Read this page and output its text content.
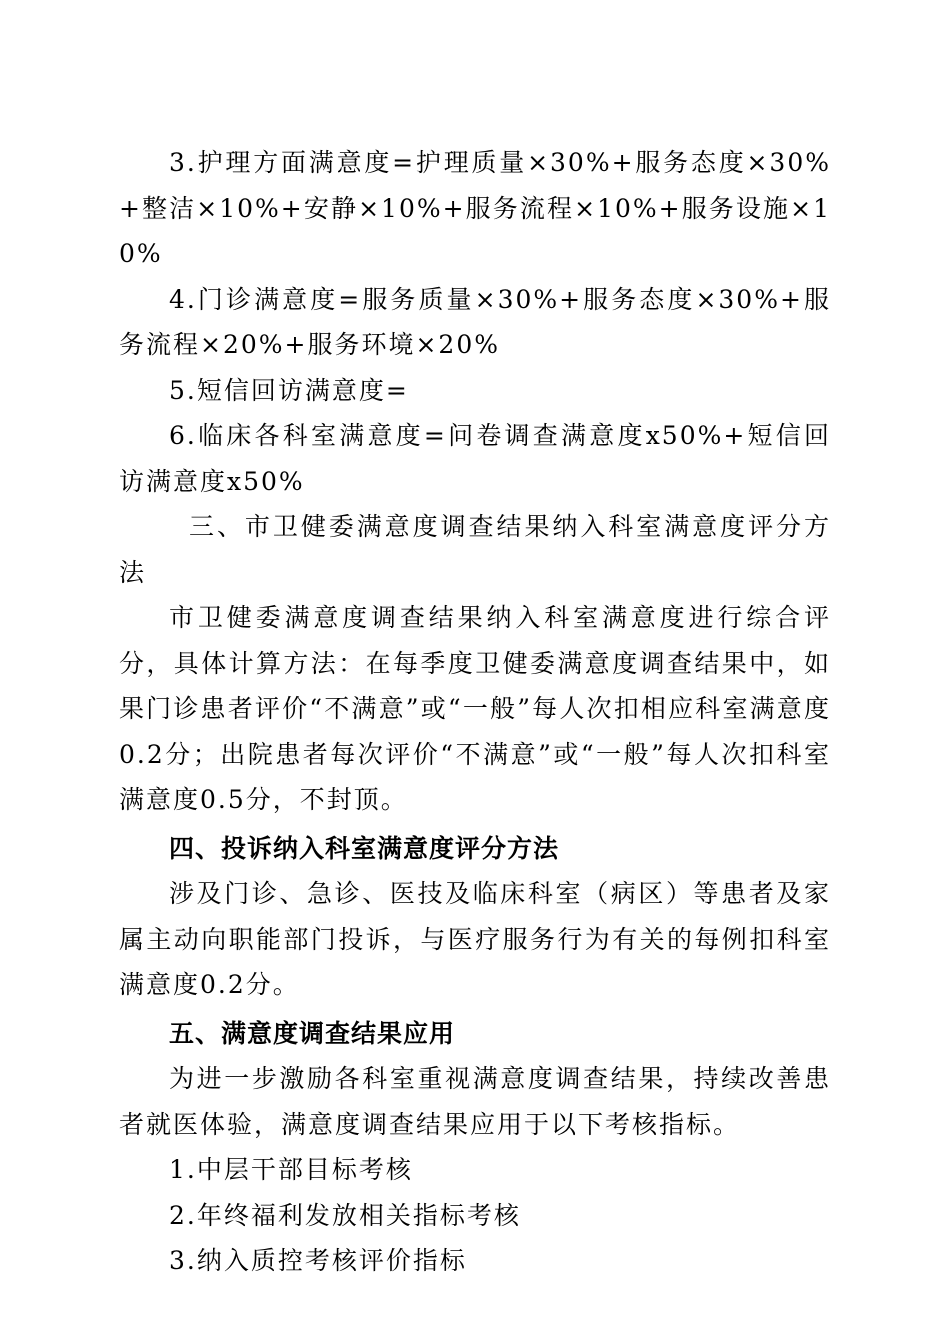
3.护理方面满意度=护理质量×30%+服务态度×30%+整洁×10%+安静×10%+服务流程×10%+服务设施×10%

4.门诊满意度=服务质量×30%+服务态度×30%+服务流程×20%+服务环境×20%

5.短信回访满意度=

6.临床各科室满意度=问卷调查满意度x50%+短信回访满意度x50%

三、市卫健委满意度调查结果纳入科室满意度评分方法

市卫健委满意度调查结果纳入科室满意度进行综合评分，具体计算方法：在每季度卫健委满意度调查结果中，如果门诊患者评价“不满意”或“一般”每人次扣相应科室满意度0.2分；出院患者每次评价“不满意”或“一般”每人次扣科室满意度0.5分，不封顶。

四、投诉纳入科室满意度评分方法

涉及门诊、急诊、医技及临床科室（病区）等患者及家属主动向职能部门投诉，与医疗服务行为有关的每例扣科室满意度0.2分。

五、满意度调查结果应用

为进一步激励各科室重视满意度调查结果，持续改善患者就医体验，满意度调查结果应用于以下考核指标。

1.中层干部目标考核

2.年终福利发放相关指标考核

3.纳入质控考核评价指标
